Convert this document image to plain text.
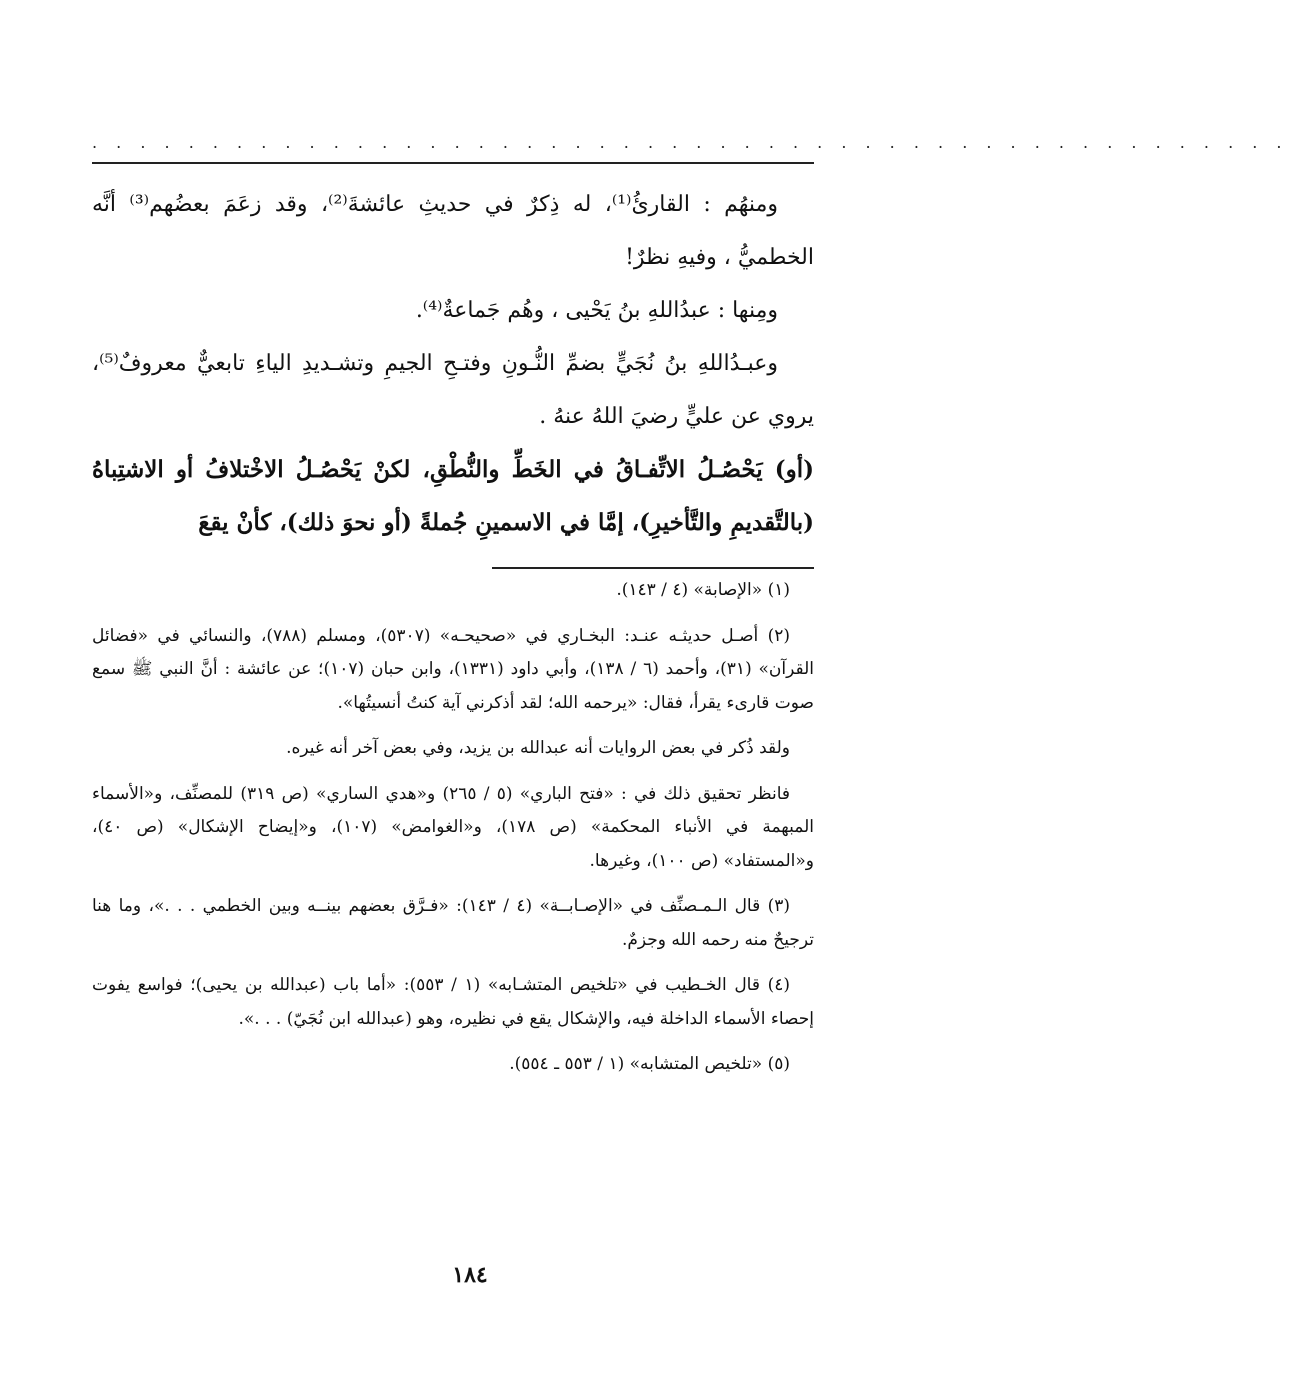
. . . . . . . . . . . . . . . . . . . . . . . . . . . . . . . . . . . . . . . . . . . . . . . . . .

ومنهُم : القارئُ⁽¹⁾، له ذِكرٌ في حديثِ عائشةَ⁽²⁾، وقد زعَمَ بعضُهم⁽³⁾ أنَّه الخطميُّ ، وفيهِ نظرٌ!

ومِنها : عبدُاللهِ بنُ يَحْيى ، وهُم جَماعةٌ⁽⁴⁾.

وعبـدُاللهِ بنُ نُجَيٍّ بضمِّ النُّـونِ وفتـحِ الجيمِ وتشـديدِ الياءِ تابعيٌّ معروفٌ⁽⁵⁾، يروي عن عليٍّ رضيَ اللهُ عنهُ .

(أو) يَحْصُـلُ الاتِّفـاقُ في الخَطِّ والنُّطْقِ، لكنْ يَحْصُـلُ الاخْتلافُ أو الاشتِباهُ (بالتَّقديمِ والتَّأخيرِ)، إمَّا في الاسمينِ جُملةً (أو نحوَ ذلك)، كأنْ يقعَ

(١) «الإصابة» (٤ / ١٤٣).

(٢) أصـل حديثـه عنـد: البخـاري في «صحيحـه» (٥٣٠٧)، ومسلم (٧٨٨)، والنسائي في «فضائل القرآن» (٣١)، وأحمد (٦ / ١٣٨)، وأبي داود (١٣٣١)، وابن حبان (١٠٧)؛ عن عائشة : أنَّ النبي ﷺ سمع صوت قارىء يقرأ، فقال: «يرحمه الله؛ لقد أذكرني آية كنتُ أنسيتُها».

ولقد ذُكر في بعض الروايات أنه عبدالله بن يزيد، وفي بعض آخر أنه غيره.

فانظر تحقيق ذلك في : «فتح الباري» (٥ / ٢٦٥) و«هدي الساري» (ص ٣١٩) للمصنِّف، و«الأسماء المبهمة في الأنباء المحكمة» (ص ١٧٨)، و«الغوامض» (١٠٧)، و«إيضاح الإشكال» (ص ٤٠)، و«المستفاد» (ص ١٠٠)، وغيرها.

(٣) قال الـمـصنِّف في «الإصـابــة» (٤ / ١٤٣): «فـرَّق بعضهم بينــه وبين الخطمي . . .»، وما هنا ترجيحٌ منه رحمه الله وجزمٌ.

(٤) قال الخـطيب في «تلخيص المتشـابه» (١ / ٥٥٣): «أما باب (عبدالله بن يحيى)؛ فواسع يفوت إحصاء الأسماء الداخلة فيه، والإشكال يقع في نظيره، وهو (عبدالله ابن نُجَيّ) . . .».

(٥) «تلخيص المتشابه» (١ / ٥٥٣ ـ ٥٥٤).

١٨٤
